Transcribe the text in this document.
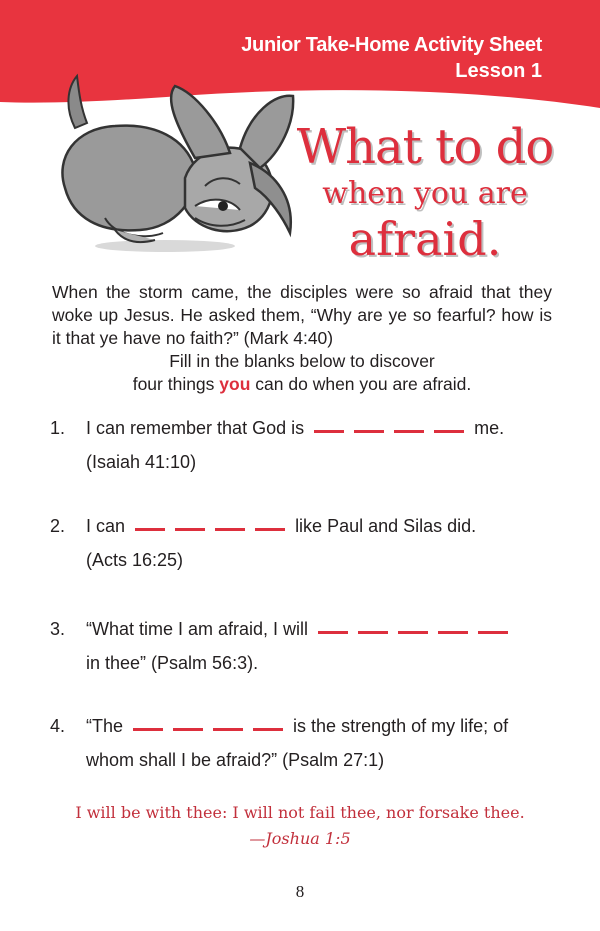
Junior Take-Home Activity Sheet
Lesson 1
What to do
when you are
afraid.

When the storm came, the disciples were so afraid that they woke up Jesus. He asked them, “Why are ye so fearful? how is it that ye have no faith?” (Mark 4:40)

Fill in the blanks below to discover

four things you can do when you are afraid.

1. I can remember that God is	me.
(Isaiah 41:10)
2. I can	like Paul and Silas did.
(Acts 16:25)
3. “What time I am afraid, I will
in thee” (Psalm 56:3).
4. “The	is the strength of my life; of
whom shall I be afraid?” (Psalm 27:1)
I will be with thee: I will not fail thee, nor forsake thee.
—Joshua 1:5
8
